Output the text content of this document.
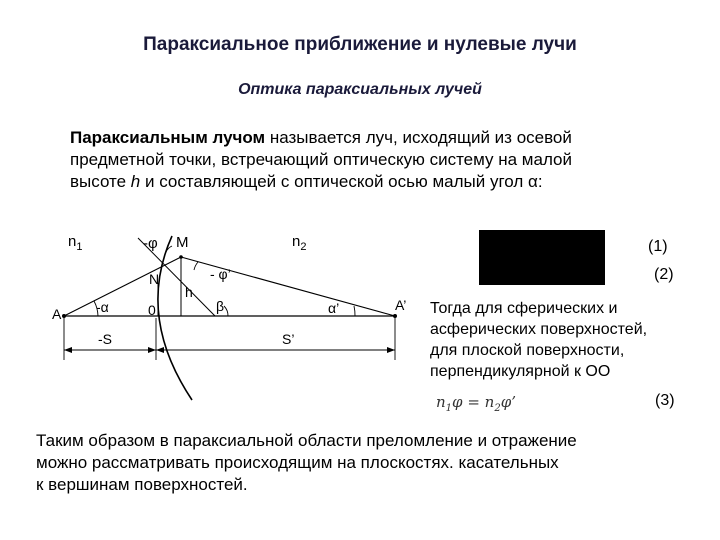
Параксиальное приближение и нулевые лучи
Оптика параксиальных лучей
Параксиальным лучом называется луч, исходящий из осевой
предметной точки, встречающий оптическую систему на малой
высоте h и составляющей с оптической осью малый угол α:
$n_1$	$n_2$
-φ M
N
h
- φ’
A -α	0	β	α’	A’
-S	S’
(1)
(2)
Тогда для сферических и
асферических поверхностей,
для плоской поверхности,
перпендикулярной к OO
$n_1\varphi = n_2\varphi$’	(3)
Таким образом в параксиальной области преломление и отражение
можно рассматривать происходящим на плоскостях. касательных
к вершинам поверхностей.
